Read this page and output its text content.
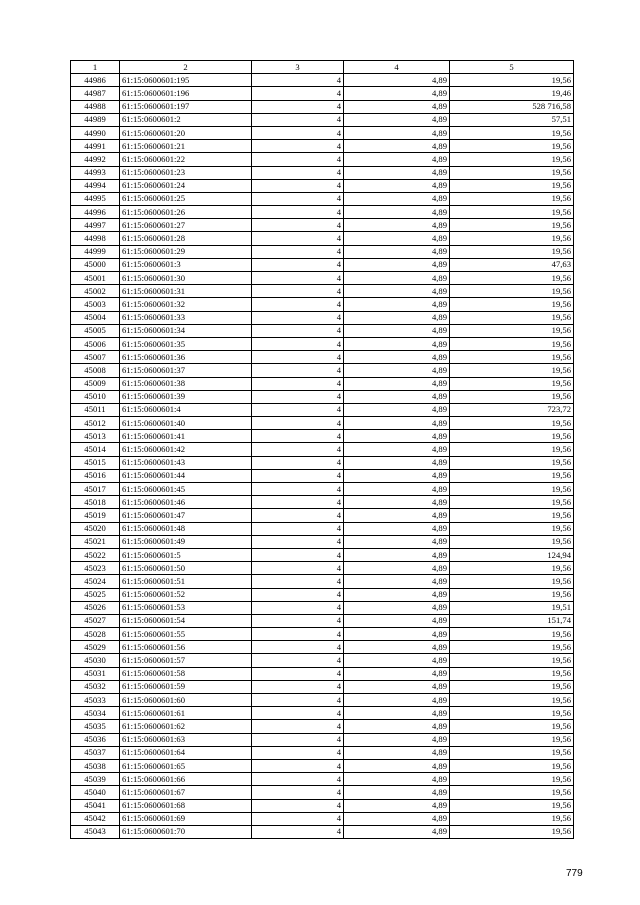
1	2	3	4	5
44986	61:15:0600601:195	4	4,89	19,56
44987	61:15:0600601:196	4	4,89	19,46
44988	61:15:0600601:197	4	4,89	528 716,58
44989	61:15:0600601:2	4	4,89	57,51
44990	61:15:0600601:20	4	4,89	19,56
44991	61:15:0600601:21	4	4,89	19,56
44992	61:15:0600601:22	4	4,89	19,56
44993	61:15:0600601:23	4	4,89	19,56
44994	61:15:0600601:24	4	4,89	19,56
44995	61:15:0600601:25	4	4,89	19,56
44996	61:15:0600601:26	4	4,89	19,56
44997	61:15:0600601:27	4	4,89	19,56
44998	61:15:0600601:28	4	4,89	19,56
44999	61:15:0600601:29	4	4,89	19,56
45000	61:15:0600601:3	4	4,89	47,63
45001	61:15:0600601:30	4	4,89	19,56
45002	61:15:0600601:31	4	4,89	19,56
45003	61:15:0600601:32	4	4,89	19,56
45004	61:15:0600601:33	4	4,89	19,56
45005	61:15:0600601:34	4	4,89	19,56
45006	61:15:0600601:35	4	4,89	19,56
45007	61:15:0600601:36	4	4,89	19,56
45008	61:15:0600601:37	4	4,89	19,56
45009	61:15:0600601:38	4	4,89	19,56
45010	61:15:0600601:39	4	4,89	19,56
45011	61:15:0600601:4	4	4,89	723,72
45012	61:15:0600601:40	4	4,89	19,56
45013	61:15:0600601:41	4	4,89	19,56
45014	61:15:0600601:42	4	4,89	19,56
45015	61:15:0600601:43	4	4,89	19,56
45016	61:15:0600601:44	4	4,89	19,56
45017	61:15:0600601:45	4	4,89	19,56
45018	61:15:0600601:46	4	4,89	19,56
45019	61:15:0600601:47	4	4,89	19,56
45020	61:15:0600601:48	4	4,89	19,56
45021	61:15:0600601:49	4	4,89	19,56
45022	61:15:0600601:5	4	4,89	124,94
45023	61:15:0600601:50	4	4,89	19,56
45024	61:15:0600601:51	4	4,89	19,56
45025	61:15:0600601:52	4	4,89	19,56
45026	61:15:0600601:53	4	4,89	19,51
45027	61:15:0600601:54	4	4,89	151,74
45028	61:15:0600601:55	4	4,89	19,56
45029	61:15:0600601:56	4	4,89	19,56
45030	61:15:0600601:57	4	4,89	19,56
45031	61:15:0600601:58	4	4,89	19,56
45032	61:15:0600601:59	4	4,89	19,56
45033	61:15:0600601:60	4	4,89	19,56
45034	61:15:0600601:61	4	4,89	19,56
45035	61:15:0600601:62	4	4,89	19,56
45036	61:15:0600601:63	4	4,89	19,56
45037	61:15:0600601:64	4	4,89	19,56
45038	61:15:0600601:65	4	4,89	19,56
45039	61:15:0600601:66	4	4,89	19,56
45040	61:15:0600601:67	4	4,89	19,56
45041	61:15:0600601:68	4	4,89	19,56
45042	61:15:0600601:69	4	4,89	19,56
45043	61:15:0600601:70	4	4,89	19,56
779
